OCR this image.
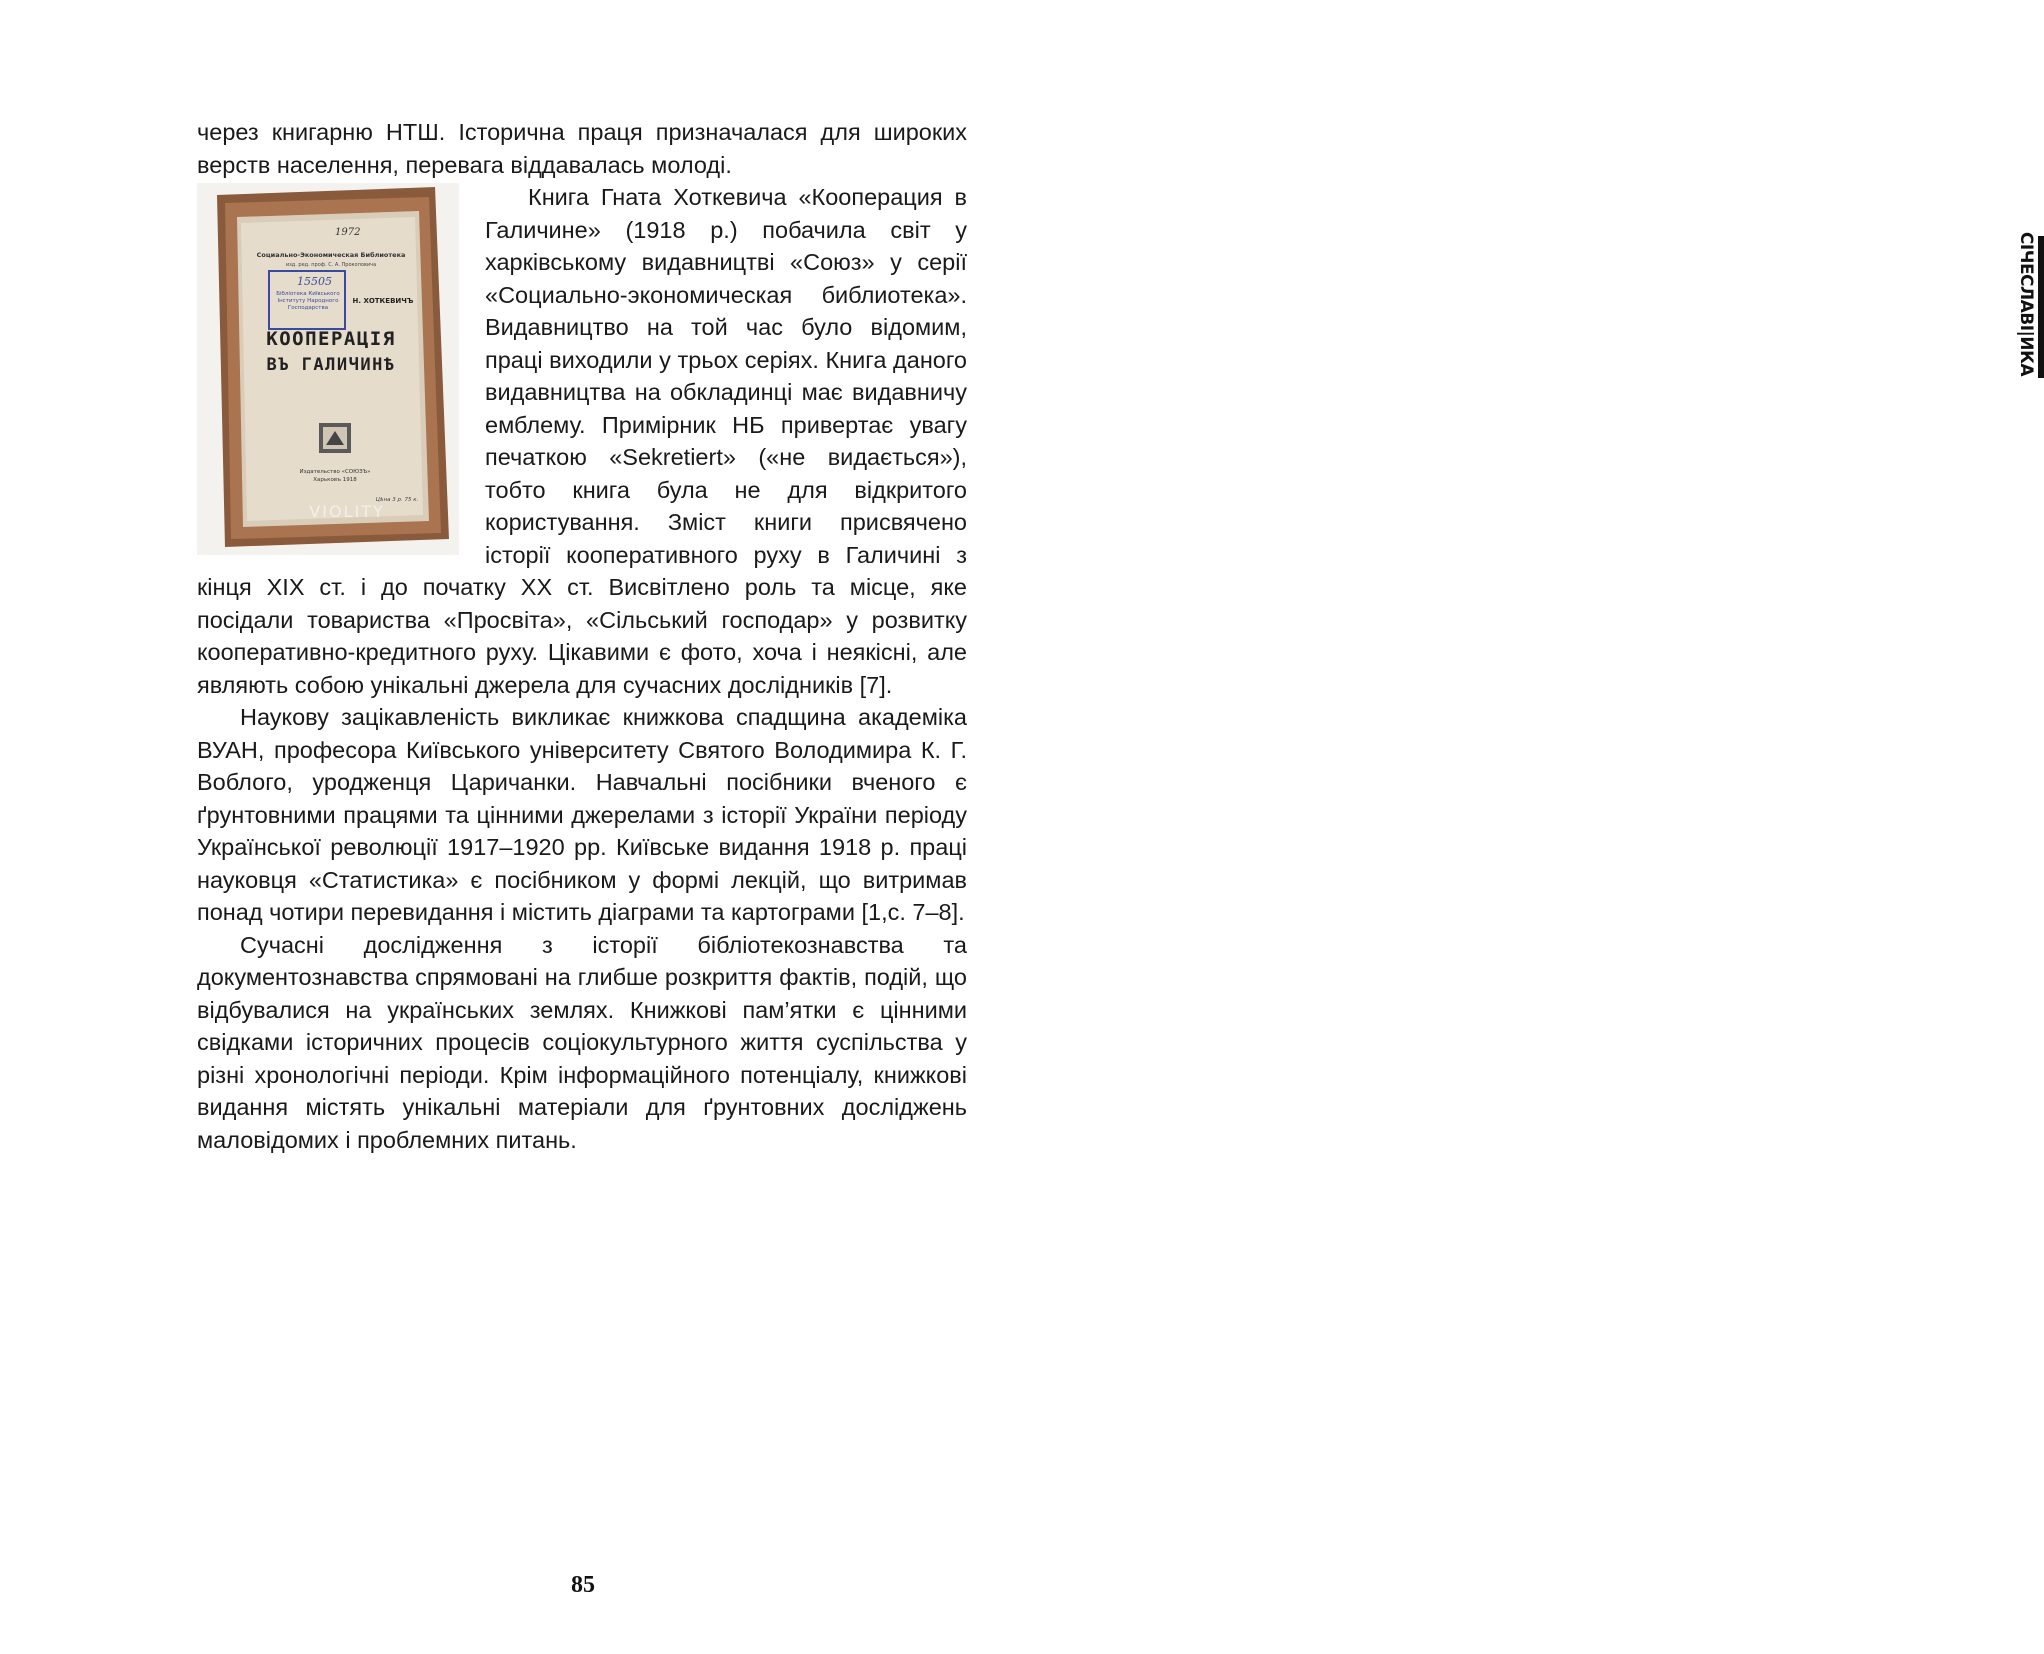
СІЧЕСЛАВІ|ИКА

через книгарню НТШ. Історична праця призначалася для широких верств населення, перевага віддавалась молоді.

1972
Социально-Экономическая Библиотека
изд. ред. проф. С. А. Прокоповича
15505
Бібліотека Київського Інституту Народного Господарства
Н. ХОТКЕВИЧЪ
КООПЕРАЦІЯ
ВЪ ГАЛИЧИНѢ
Издательство «СОЮЗЪ»
Харьковъ 1918
Цѣна 3 р. 75 к.
VIOLITY

Книга Гната Хоткевича «Кооперация в Галичине» (1918 р.) побачила світ у харківському видавництві «Союз» у серії «Социально-экономическая библиотека». Видавництво на той час було відомим, праці виходили у трьох серіях. Книга даного видавництва на обкладинці має видавничу емблему. Примірник НБ привертає увагу печаткою «Sekretiert» («не видається»), тобто книга була не для відкритого користування. Зміст книги присвячено історії кооперативного руху в Галичині з кінця XIX ст. і до початку XX ст. Висвітлено роль та місце, яке посідали товариства «Просвіта», «Сільський господар» у розвитку кооперативно-кредитного руху. Цікавими є фото, хоча і неякісні, але являють собою унікальні джерела для сучасних дослідників [7].

Наукову зацікавленість викликає книжкова спадщина академіка ВУАН, професора Київського університету Святого Володимира К. Г. Воблого, уродженця Царичанки. Навчальні посібники вченого є ґрунтовними працями та цінними джерелами з історії України періоду Української революції 1917–1920 рр. Київське видання 1918 р. праці науковця «Статистика» є посібником у формі лекцій, що витримав понад чотири перевидання і містить діаграми та картограми [1,с. 7–8].

Сучасні дослідження з історії бібліотекознавства та документознавства спрямовані на глибше розкриття фактів, подій, що відбувалися на українських землях. Книжкові пам’ятки є цінними свідками історичних процесів соціокультурного життя суспільства у різні хронологічні періоди. Крім інформаційного потенціалу, книжкові видання містять унікальні матеріали для ґрунтовних досліджень маловідомих і проблемних питань.

85
